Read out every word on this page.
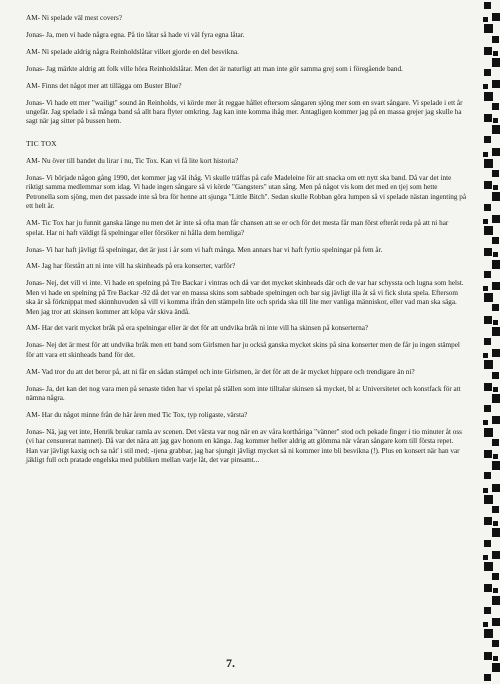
AM- Ni spelade väl mest covers?

Jonas- Ja, men vi hade några egna. På tio låtar så hade vi väl fyra egna låtar.

AM- Ni spelade aldrig några Reinholdslåtar vilket gjorde en del besvikna.

Jonas- Jag märkte aldrig att folk ville höra Reinholdslåtar. Men det är naturligt att man inte gör samma grej som i föregående band.

AM- Finns det något mer att tillägga om Buster Blue?

Jonas- Vi hade ett mer "wailigt" sound än Reinholds, vi körde mer åt reggae hållet eftersom sångaren sjöng mer som en svart sångare. Vi spelade i ett år ungefär. Jag spelade i så många band så allt bara flyter omkring. Jag kan inte komma ihåg mer. Antagligen kommer jag på en massa grejer jag skulle ha sagt när jag sitter på bussen hem.

TIC TOX

AM- Nu över till bandet du lirar i nu, Tic Tox. Kan vi få lite kort historia?

Jonas- Vi började någon gång 1990, det kommer jag väl ihåg. Vi skulle träffas på cafe Madeleine för att snacka om ett nytt ska band. Då var det inte riktigt samma medlemmar som idag. Vi hade ingen sångare så vi körde "Gangsters" utan sång. Men på något vis kom det med en tjej som hette Petronella som sjöng, men det passade inte så bra för henne att sjunga "Little Bitch". Sedan skulle Robban göra lumpen så vi spelade nästan ingenting på ett helt år.

AM- Tic Tox har ju funnit ganska länge nu men det är inte så ofta man får chansen att se er och för det mesta får man först efteråt reda på att ni har spelat. Har ni haft väldigt få spelningar eller försöker ni hålla dem hemliga?

Jonas- Vi har haft jävligt få spelningar, det är just i år som vi haft många. Men annars har vi haft fyrtio spelningar på fem år.

AM- Jag har förstått att ni inte vill ha skinheads på era konserter, varför?

Jonas- Nej, det vill vi inte. Vi hade en spelning på Tre Backar i vintras och då var det mycket skinheads där och de var har schyssta och lugna som helst. Men vi hade en spelning på Tre Backar -92 då det var en massa skins som sabbade spelningen och bar sig jävligt illa åt så vi fick sluta spela. Eftersom ska är så förknippat med skinnhuvuden så vill vi komma ifrån den stämpeln lite och sprida ska till lite mer vanliga människor, eller vad man ska säga. Men jag tror att skinsen kommer att köpa vår skiva ändå.

AM- Har det varit mycket bråk på era spelningar eller är det för att undvika bråk ni inte vill ha skinsen på konserterna?

Jonas- Nej det är mest för att undvika bråk men ett band som Girlsmen har ju också ganska mycket skins på sina konserter men de får ju ingen stämpel för att vara ett skinheads band för det.

AM- Vad tror du att det beror på, att ni får en sådan stämpel och inte Girlsmen, är det för att de är mycket hippare och trendigare än ni?

Jonas- Ja, det kan det nog vara men på senaste tiden har vi spelat på ställen som inte tilltalar skinsen så mycket, bl a: Universitetet och konstfack för att nämna några.

AM- Har du något minne från de här åren med Tic Tox, typ roligaste, värsta?

Jonas- Nä, jag vet inte, Henrik brukar ramla av scenen. Det värsta var nog när en av våra korthåriga "vänner" stod och pekade finger i tio minuter åt oss (vi har censurerat namnet). Då var det nära att jag gav honom en känga. Jag kommer heller aldrig att glömma när våran sångare kom till första repet. Han var jävligt kaxig och sa nåt' i stil med; -tjena grabbar, jag har sjungit jävligt mycket så ni kommer inte bli besvikna (!). Plus en konsert när han var jäkligt full och pratade engelska med publiken mellan varje låt, det var pinsamt...

7.
